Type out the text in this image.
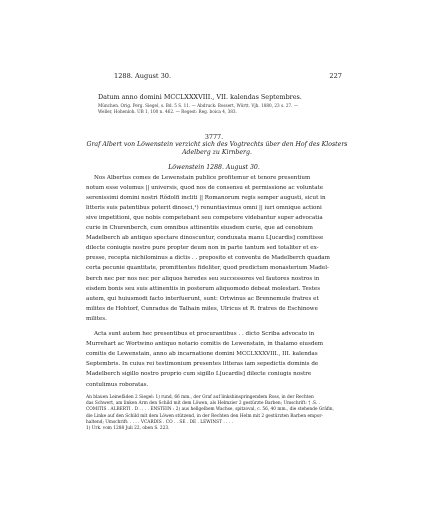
1288. August 30.	227
Datum anno domini MCCLXXXVIII., VII. kalendas Septembres.
München. Orig. Perg. Siegel, s. Bd. 5 S. 11. — Abdruck: Bossert, Württ. Vjh. 1880, 23 s. 27. —
Weller, Hohenloh. UB 1, 100 n. 462. — Regest: Reg. boica 4, 383.
3777.
Graf Albert von Löwenstein verzicht sich des Vogtrechts über den Hof des Klosters
Adelberg zu Kirnberg.
Löwenstein 1288. August 30.
Nos Albertus comes de Lewenstain publice profitemur et tenore presentium
notum esse volumus || universis, quod nos de consensu et permissione ac voluntate
serenissimi domini nostri Rŏdolfi incliti || Romanorum regis semper augusti, sicut in
litteris suis patentibus poterit dinosci,¹) renuntiavimus omni || iuri omnique actioni
sive impetitioni, que nobis competebant seu competere videbantur super advocatia
curie in Churenberch, cum omnibus attinentiis eiusdem curie, que ad cenobium
Madelberch ab antiquo spectare dinoscuntur, conduxata manu L[ucardis] comitisse
dilecte coniugis nostre pure propter deum non in parte tantum sed totaliter et ex-
presse, recepta nichilominus a dictis . . preposito et conventu de Madelberch quadam
certa pecunie quantitate, promittentes fideliter, quod predictum monasterium Madel-
berch nec per nos nec per aliquos heredes seu successores vel fautores nostros in
eisdem bonis seu suis attinentiis in posterum aliquomodo debeat molestari. Testes
autem, qui huiusmodi facto interfuerunt, sunt: Ortwinus ac Brennemule fratres et
milites de Hohtorf, Cunradus de Talhain miles, Ulricus et R. fratres de Eschinowe
milites.
Acta sunt autem hec presentibus et procurantibus . . dicto Scriba advocato in
Murrehart ac Wortwino antiquo notario comitis de Lewenstain, in thalamo eiusdem
comitis de Lewenstain, anno ab incarnatione domini MCCLXXXVIII., III. kalendas
Septembris. In cuius rei testimonium presentes litteras iam sepedictis dominis de
Madelberch sigillo nostro proprio cum sigillo L[ucardis] dilecte coniugis nostre
contulimus roboratas.
An blauen Leinefäden 2 Siegel: 1) rund, 66 mm., der Graf auf linkshinspringendem Ross, in der Rechten
das Schwert, am linken Arm den Schild mit dem Löwen, als Helmzier 2 gestürzte Barben; Umschrift: † .S. .
COMITIS . ALBERTI . D . . . . ENSTEIN : 2) aus hellgelbem Wachse, spitzoval, c. 56, 40 mm., die stehende Gräfin,
die Linke auf den Schild mit dem Löwen stützend, in der Rechten den Helm mit 2 gestürzten Barben empor-
haltend; Umschrift: . . . . VCARDIS . CO . . SE . DE . LEWINST . . . .
1) Urk. vom 1288 Juli 22, oben S. 223.
